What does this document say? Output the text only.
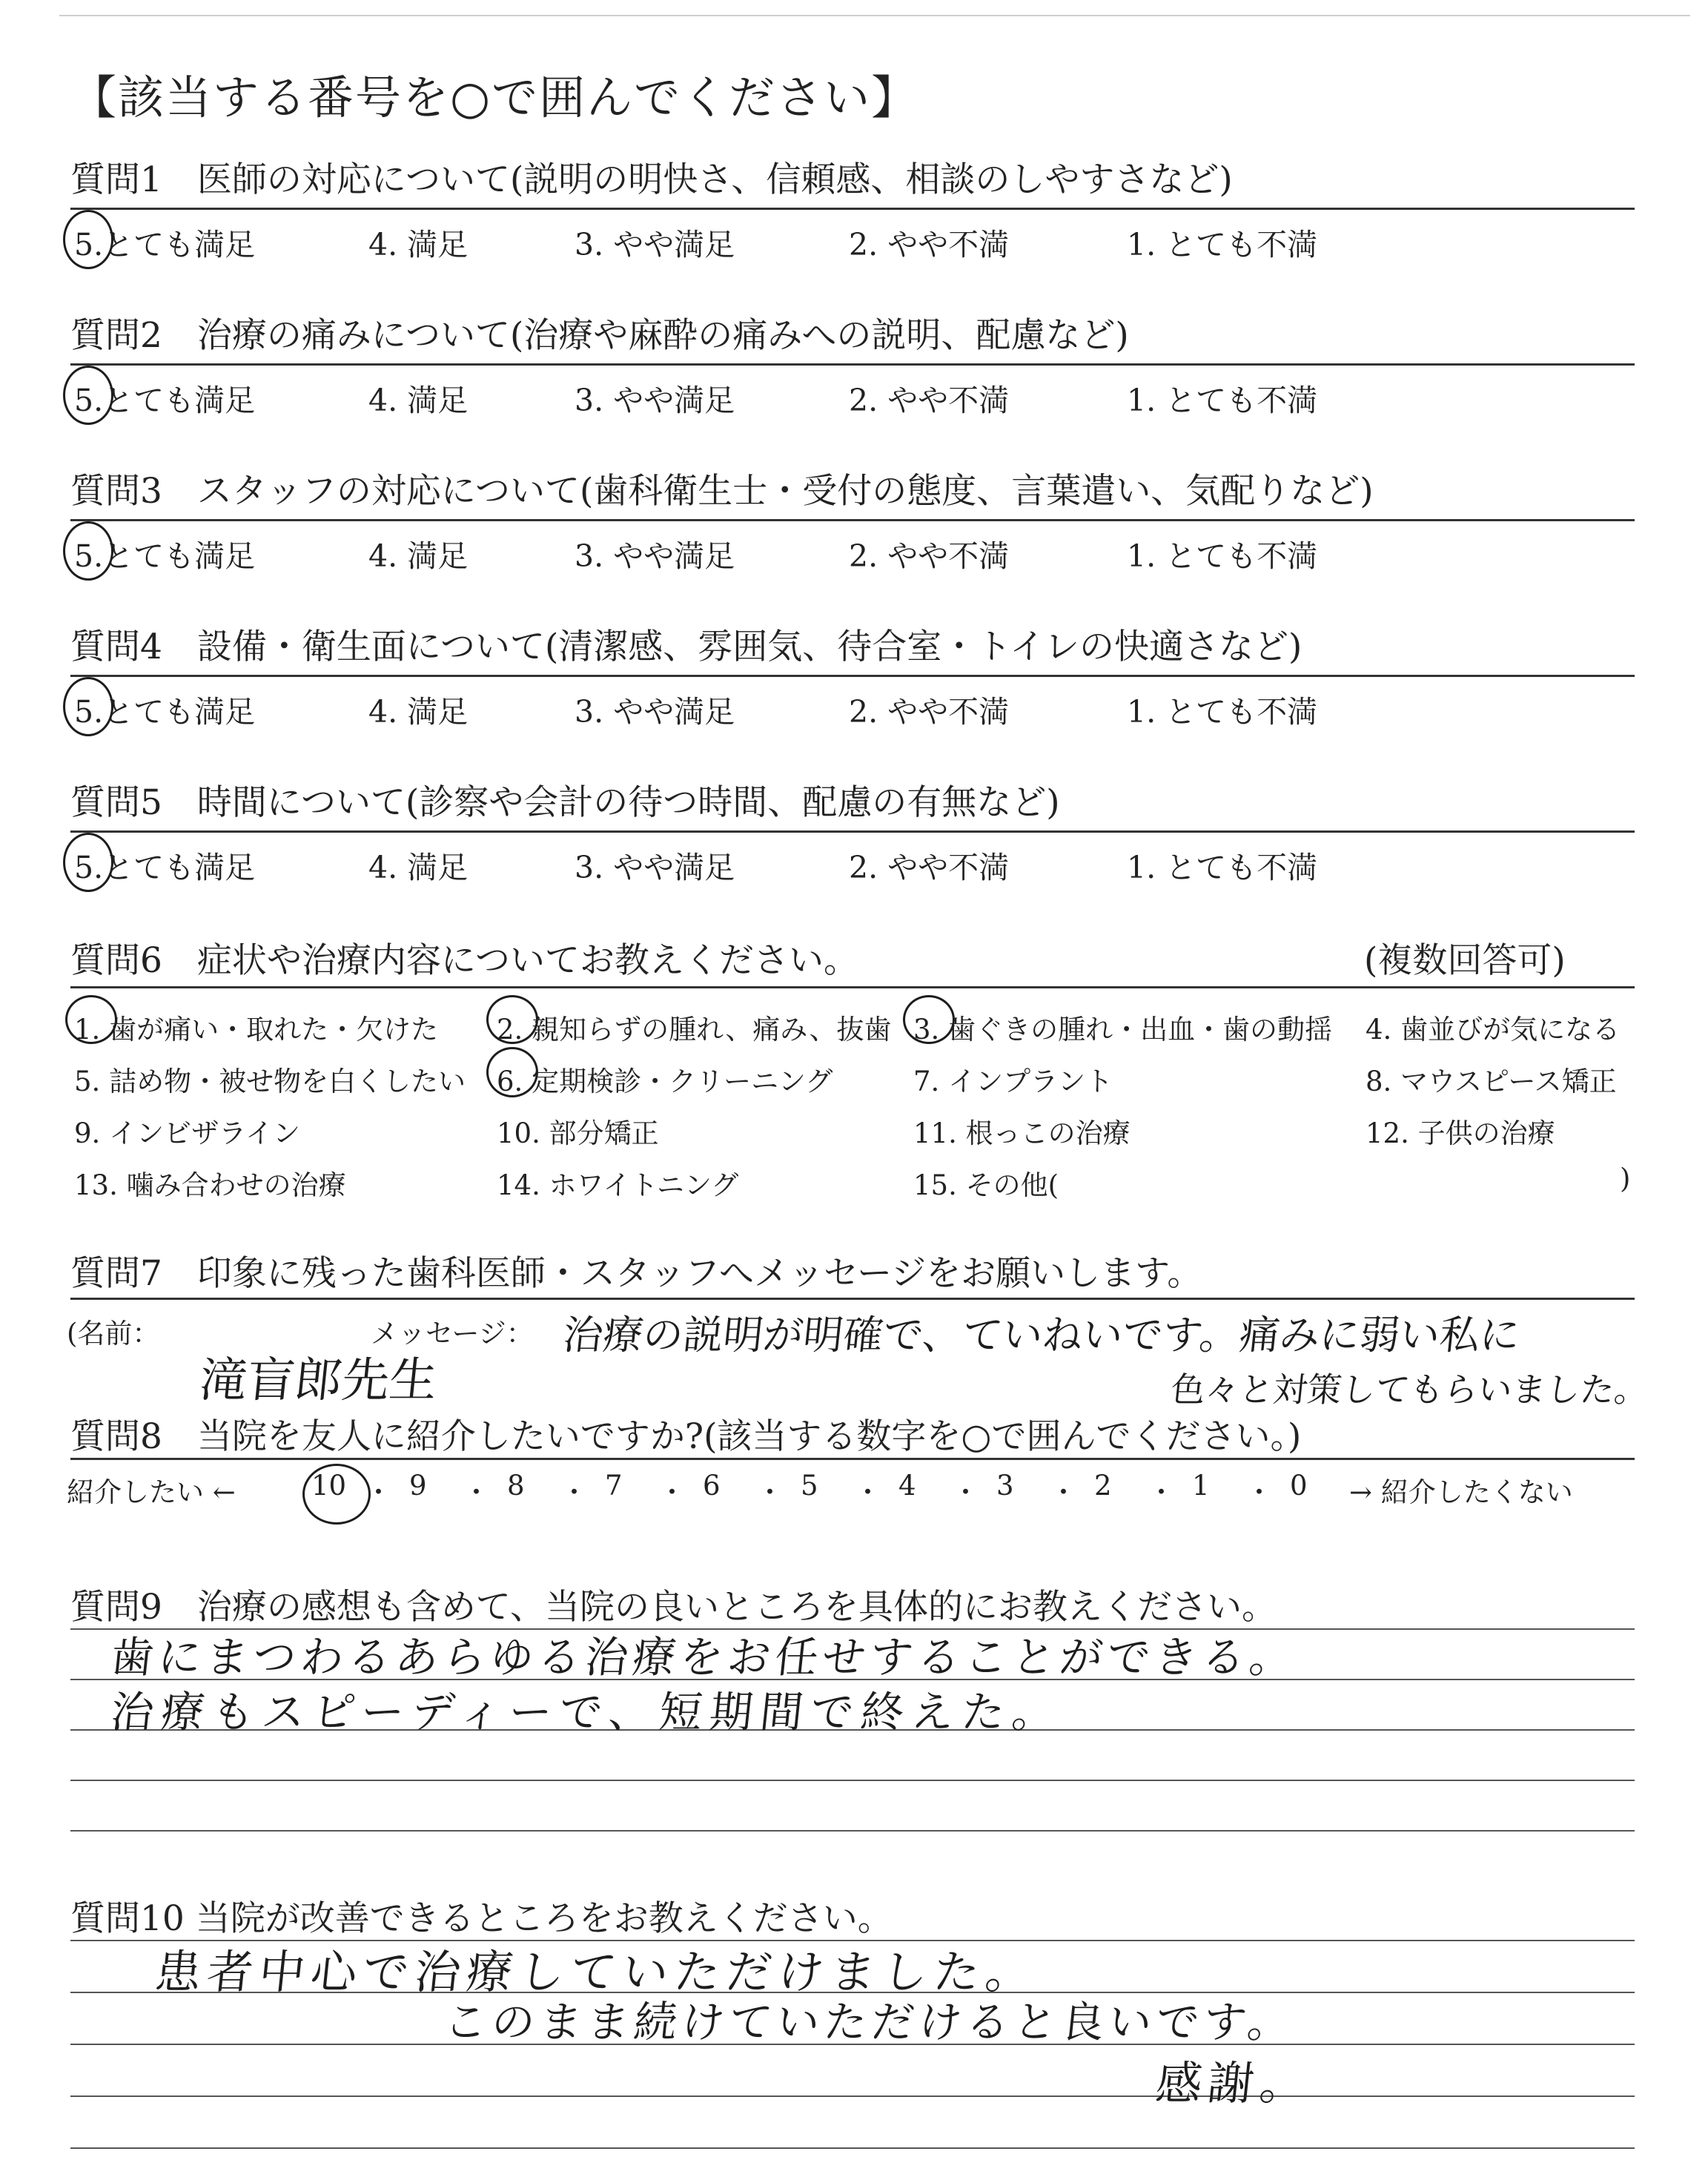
【該当する番号を○で囲んでください】
質問1　医師の対応について(説明の明快さ、信頼感、相談のしやすさなど)
5.とても満足	4. 満足	3. やや満足	2. やや不満	1. とても不満
質問2　治療の痛みについて(治療や麻酔の痛みへの説明、配慮など)
5.とても満足	4. 満足	3. やや満足	2. やや不満	1. とても不満
質問3　スタッフの対応について(歯科衛生士・受付の態度、言葉遣い、気配りなど)
5.とても満足	4. 満足	3. やや満足	2. やや不満	1. とても不満
質問4　設備・衛生面について(清潔感、雰囲気、待合室・トイレの快適さなど)
5.とても満足	4. 満足	3. やや満足	2. やや不満	1. とても不満
質問5　時間について(診察や会計の待つ時間、配慮の有無など)
5.とても満足	4. 満足	3. やや満足	2. やや不満	1. とても不満
質問6　症状や治療内容についてお教えください。	(複数回答可)
1. 歯が痛い・取れた・欠けた 2. 親知らずの腫れ、痛み、抜歯 3. 歯ぐきの腫れ・出血・歯の動揺 4. 歯並びが気になる
5. 詰め物・被せ物を白くしたい 6. 定期検診・クリーニング	7. インプラント	8. マウスピース矯正
9. インビザライン	10. 部分矯正	11. 根っこの治療	12. 子供の治療
13. 噛み合わせの治療	14. ホワイトニング	15. その他(	)
質問7　印象に残った歯科医師・スタッフへメッセージをお願いします。
(名前：	メッセージ：
滝盲郎先生
治療の説明が明確で、ていねいです。痛みに弱い私に
色々と対策してもらいました。
質問8　当院を友人に紹介したいですか?(該当する数字を○で囲んでください。)
紹介したい ←	→ 紹介したくない
10 ・ 9 ・ 8 ・ 7 ・ 6 ・ 5 ・ 4 ・ 3 ・ 2 ・ 1 ・ 0
質問9　治療の感想も含めて、当院の良いところを具体的にお教えください。
歯にまつわるあらゆる治療をお任せすることができる。
治療もスピーディーで、短期間で終えた。
質問10 当院が改善できるところをお教えください。
患者中心で治療していただけました。
このまま続けていただけると良いです。
感謝。
